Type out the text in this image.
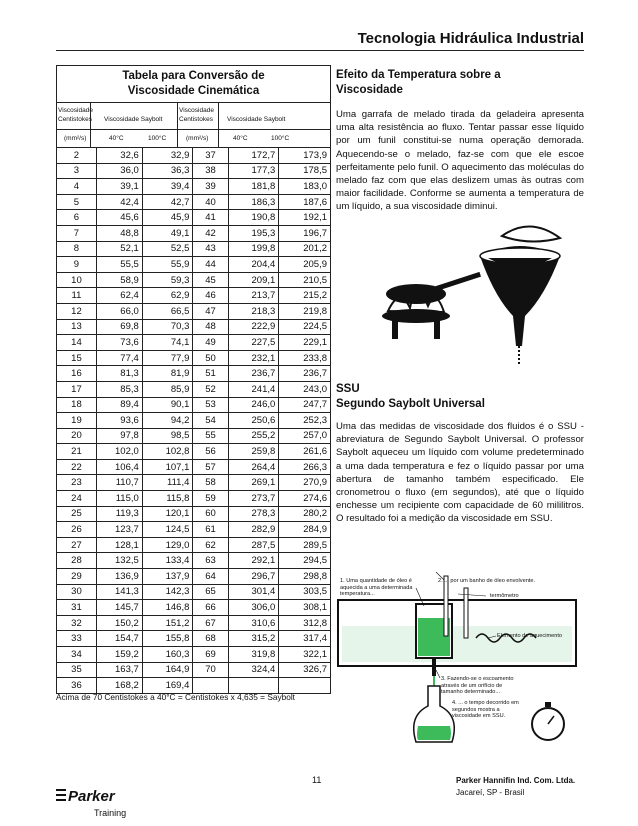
Tecnologia Hidráulica Industrial
Tabela para Conversão de
Viscosidade Cinemática
Viscosidade
Centistokes Viscosidade Saybolt
Viscosidade
Centistokes Viscosidade Saybolt
(mm²/s)	40°C	100°C	(mm²/s)	40°C	100°C
2	32,6	32,9	37	172,7	173,9
3	36,0	36,3	38	177,3	178,5
4	39,1	39,4	39	181,8	183,0
5	42,4	42,7	40	186,3	187,6
6	45,6	45,9	41	190,8	192,1
7	48,8	49,1	42	195,3	196,7
8	52,1	52,5	43	199,8	201,2
9	55,5	55,9	44	204,4	205,9
10	58,9	59,3	45	209,1	210,5
11	62,4	62,9	46	213,7	215,2
12	66,0	66,5	47	218,3	219,8
13	69,8	70,3	48	222,9	224,5
14	73,6	74,1	49	227,5	229,1
15	77,4	77,9	50	232,1	233,8
16	81,3	81,9	51	236,7	236,7
17	85,3	85,9	52	241,4	243,0
18	89,4	90,1	53	246,0	247,7
19	93,6	94,2	54	250,6	252,3
20	97,8	98,5	55	255,2	257,0
21	102,0	102,8	56	259,8	261,6
22	106,4	107,1	57	264,4	266,3
23	110,7	111,4	58	269,1	270,9
24	115,0	115,8	59	273,7	274,6
25	119,3	120,1	60	278,3	280,2
26	123,7	124,5	61	282,9	284,9
27	128,1	129,0	62	287,5	289,5
28	132,5	133,4	63	292,1	294,5
29	136,9	137,9	64	296,7	298,8
30	141,3	142,3	65	301,4	303,5
31	145,7	146,8	66	306,0	308,1
32	150,2	151,2	67	310,6	312,8
33	154,7	155,8	68	315,2	317,4
34	159,2	160,3	69	319,8	322,1
35	163,7	164,9	70	324,4	326,7
36	168,2	169,4			
Acima de 70 Centistokes a 40°C = Centistokes x 4,635 = Saybolt
Efeito da Temperatura sobre a
Viscosidade
Uma garrafa de melado tirada da geladeira apresenta uma alta resistência ao fluxo. Tentar passar esse líquido por um funil constitui-se numa operação demorada. Aquecendo-se o melado, faz-se com que ele escoe perfeitamente pelo funil. O aquecimento das moléculas do melado faz com que elas deslizem umas às outras com maior facilidade. Conforme se aumenta a temperatura de um líquido, a sua viscosidade diminui.
SSU
Segundo Saybolt Universal
Uma das medidas de viscosidade dos fluidos é o SSU - abreviatura de Segundo Saybolt Universal. O professor Saybolt aqueceu um líquido com volume predeterminado a uma dada temperatura e fez o líquido passar por uma abertura de tamanho também especificado. Ele cronometrou o fluxo (em segundos), até que o líquido enchesse um recipiente com capacidade de 60 mililitros. O resultado foi a medição da viscosidade em SSU.
1. Uma quantidade de óleo é aquecida a uma determinada temperatura...
2. ... por um banho de óleo envolvente.
termômetro
Elemento de aquecimento
3. Fazendo-se o escoamento através de um orifício de tamanho determinado...
4. ... o tempo decorrido em segundos mostra a viscosidade em SSU.
11	Parker Hannifin Ind. Com. Ltda.
Jacareí, SP - Brasil
Parker
Training
